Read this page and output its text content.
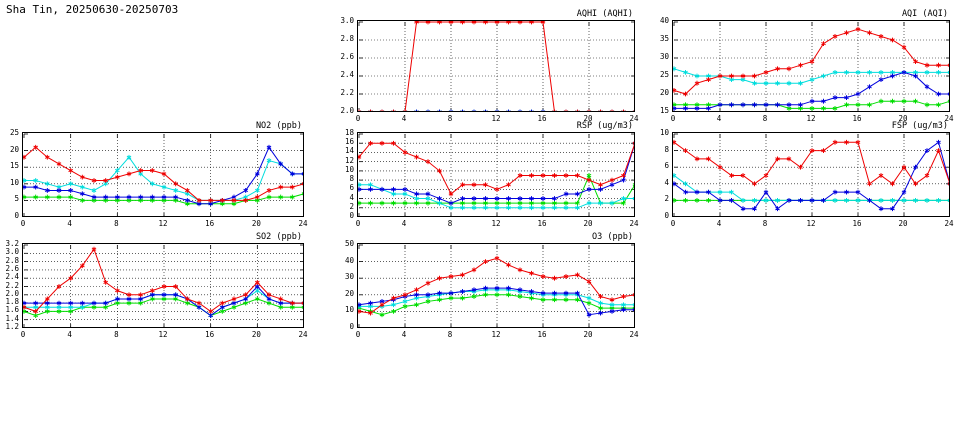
Sha Tin, 20250630-20250703	AQHI (AQHI)
2.0
2.2
2.4
2.6
2.8
3.0
0	4	8	12	16	20	24
AQI (AQI)
15
20
25
30
35
40
0	4	8	12	16	20	24
NO2 (ppb)
0
5
10
15
20
25
0	4	8	12	16	20	24
RSP (ug/m3)
0
2
4
6
8
10
12
14
16
18
0	4	8	12	16	20	24
FSP (ug/m3)
0
2
4
6
8
10
0	4	8	12	16	20	24
SO2 (ppb)
1.2
1.4
1.6
1.8
2.0
2.2
2.4
2.6
2.8
3.0
3.2
0	4	8	12	16	20	24
O3 (ppb)
0
10
20
30
40
50
0	4	8	12	16	20	24
